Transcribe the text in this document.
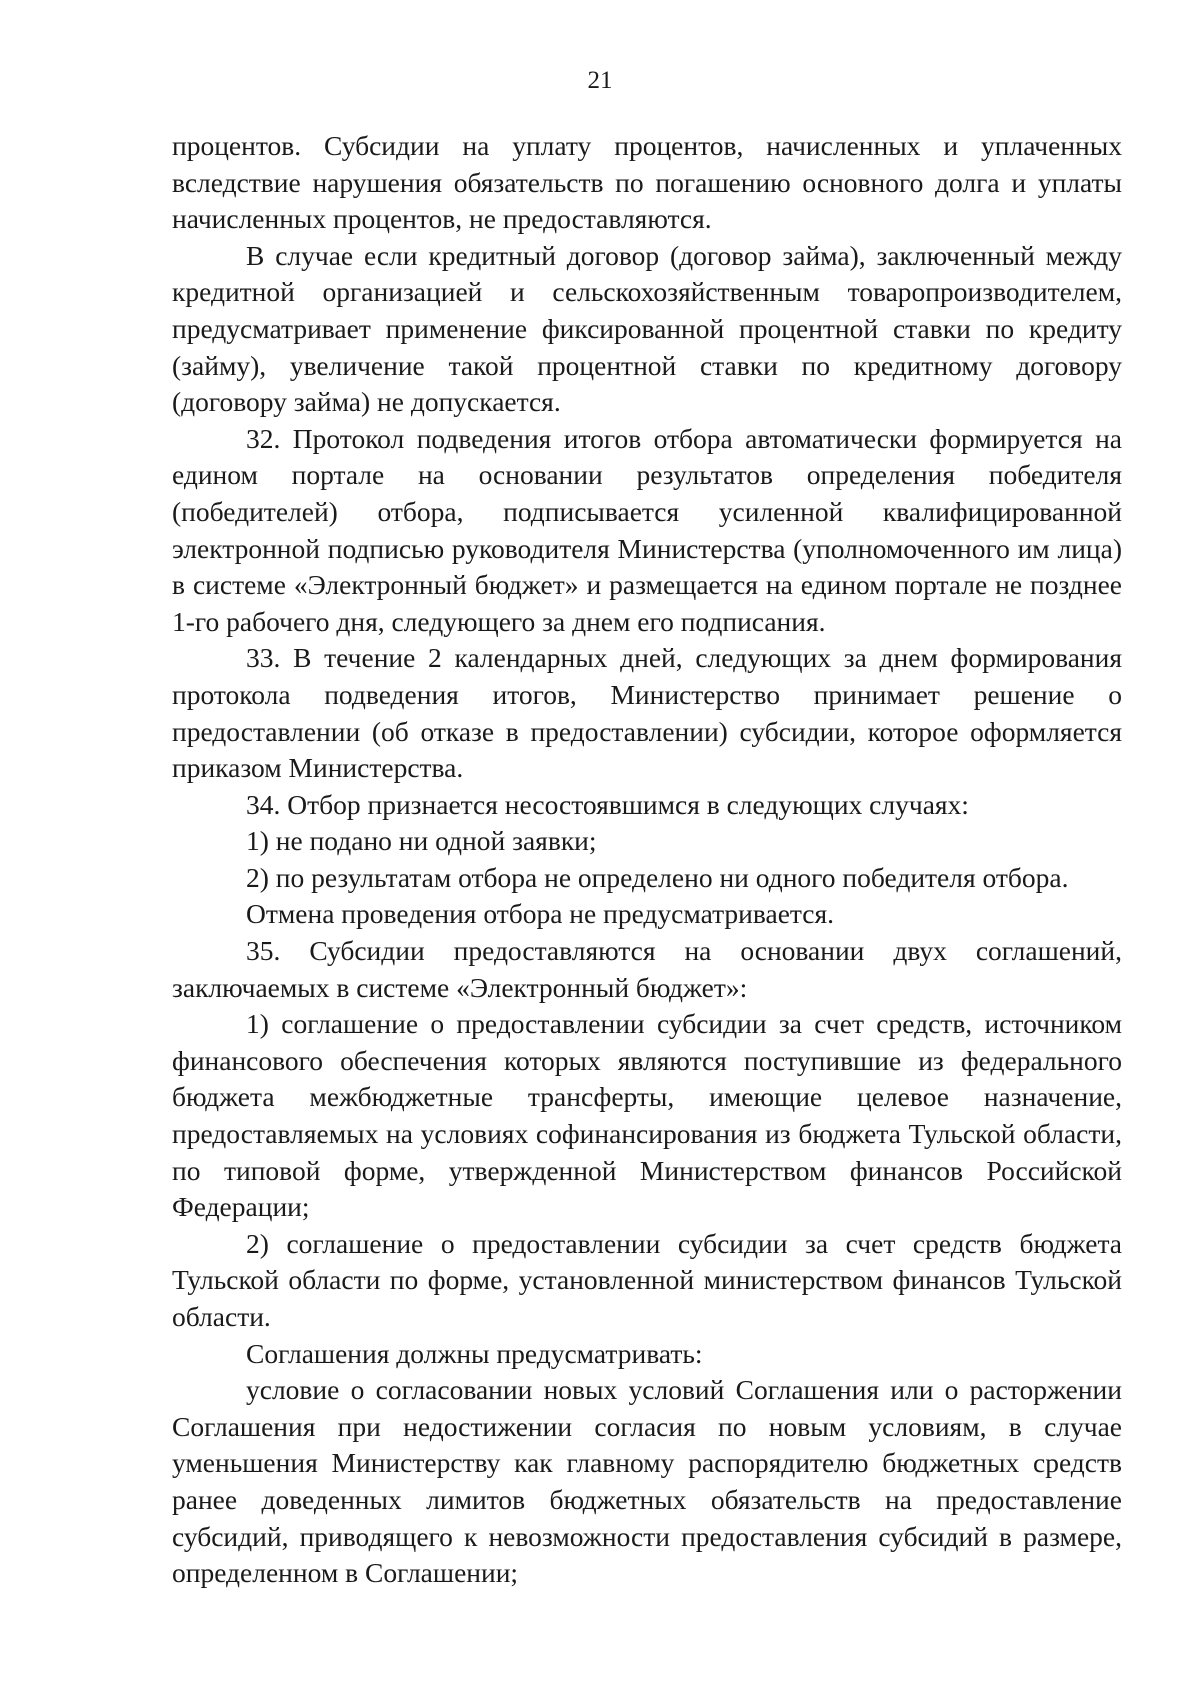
21

процентов. Субсидии на уплату процентов, начисленных и уплаченных вследствие нарушения обязательств по погашению основного долга и уплаты начисленных процентов, не предоставляются.

В случае если кредитный договор (договор займа), заключенный между кредитной организацией и сельскохозяйственным товаропроизводителем, предусматривает применение фиксированной процентной ставки по кредиту (займу), увеличение такой процентной ставки по кредитному договору (договору займа) не допускается.

32. Протокол подведения итогов отбора автоматически формируется на едином портале на основании результатов определения победителя (победителей) отбора, подписывается усиленной квалифицированной электронной подписью руководителя Министерства (уполномоченного им лица) в системе «Электронный бюджет» и размещается на едином портале не позднее 1-го рабочего дня, следующего за днем его подписания.

33. В течение 2 календарных дней, следующих за днем формирования протокола подведения итогов, Министерство принимает решение о предоставлении (об отказе в предоставлении) субсидии, которое оформляется приказом Министерства.

34. Отбор признается несостоявшимся в следующих случаях:

1) не подано ни одной заявки;

2) по результатам отбора не определено ни одного победителя отбора.

Отмена проведения отбора не предусматривается.

35. Субсидии предоставляются на основании двух соглашений, заключаемых в системе «Электронный бюджет»:

1) соглашение о предоставлении субсидии за счет средств, источником финансового обеспечения которых являются поступившие из федерального бюджета межбюджетные трансферты, имеющие целевое назначение, предоставляемых на условиях софинансирования из бюджета Тульской области, по типовой форме, утвержденной Министерством финансов Российской Федерации;

2) соглашение о предоставлении субсидии за счет средств бюджета Тульской области по форме, установленной министерством финансов Тульской области.

Соглашения должны предусматривать:

условие о согласовании новых условий Соглашения или о расторжении Соглашения при недостижении согласия по новым условиям, в случае уменьшения Министерству как главному распорядителю бюджетных средств ранее доведенных лимитов бюджетных обязательств на предоставление субсидий, приводящего к невозможности предоставления субсидий в размере, определенном в Соглашении;
